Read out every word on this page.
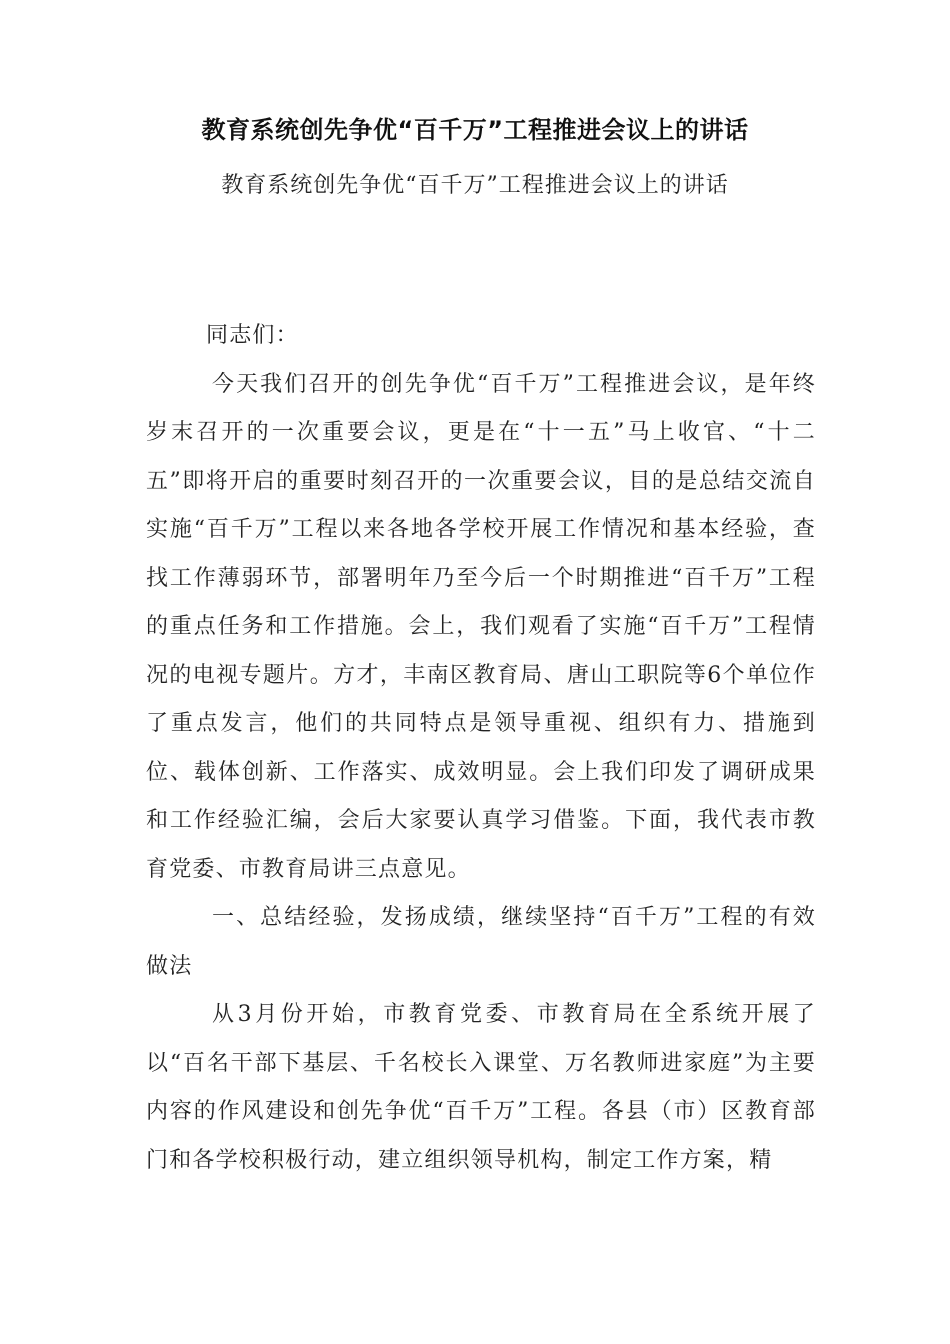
教育系统创先争优“百千万”工程推进会议上的讲话
教育系统创先争优“百千万”工程推进会议上的讲话

同志们：

今天我们召开的创先争优“百千万”工程推进会议，是年终岁末召开的一次重要会议，更是在“十一五”马上收官、“十二五”即将开启的重要时刻召开的一次重要会议，目的是总结交流自实施“百千万”工程以来各地各学校开展工作情况和基本经验，查找工作薄弱环节，部署明年乃至今后一个时期推进“百千万”工程的重点任务和工作措施。会上，我们观看了实施“百千万”工程情况的电视专题片。方才，丰南区教育局、唐山工职院等6个单位作了重点发言，他们的共同特点是领导重视、组织有力、措施到位、载体创新、工作落实、成效明显。会上我们印发了调研成果和工作经验汇编，会后大家要认真学习借鉴。下面，我代表市教育党委、市教育局讲三点意见。

一、总结经验，发扬成绩，继续坚持“百千万”工程的有效做法

从3月份开始，市教育党委、市教育局在全系统开展了以“百名干部下基层、千名校长入课堂、万名教师进家庭”为主要内容的作风建设和创先争优“百千万”工程。各县（市）区教育部门和各学校积极行动，建立组织领导机构，制定工作方案，精
